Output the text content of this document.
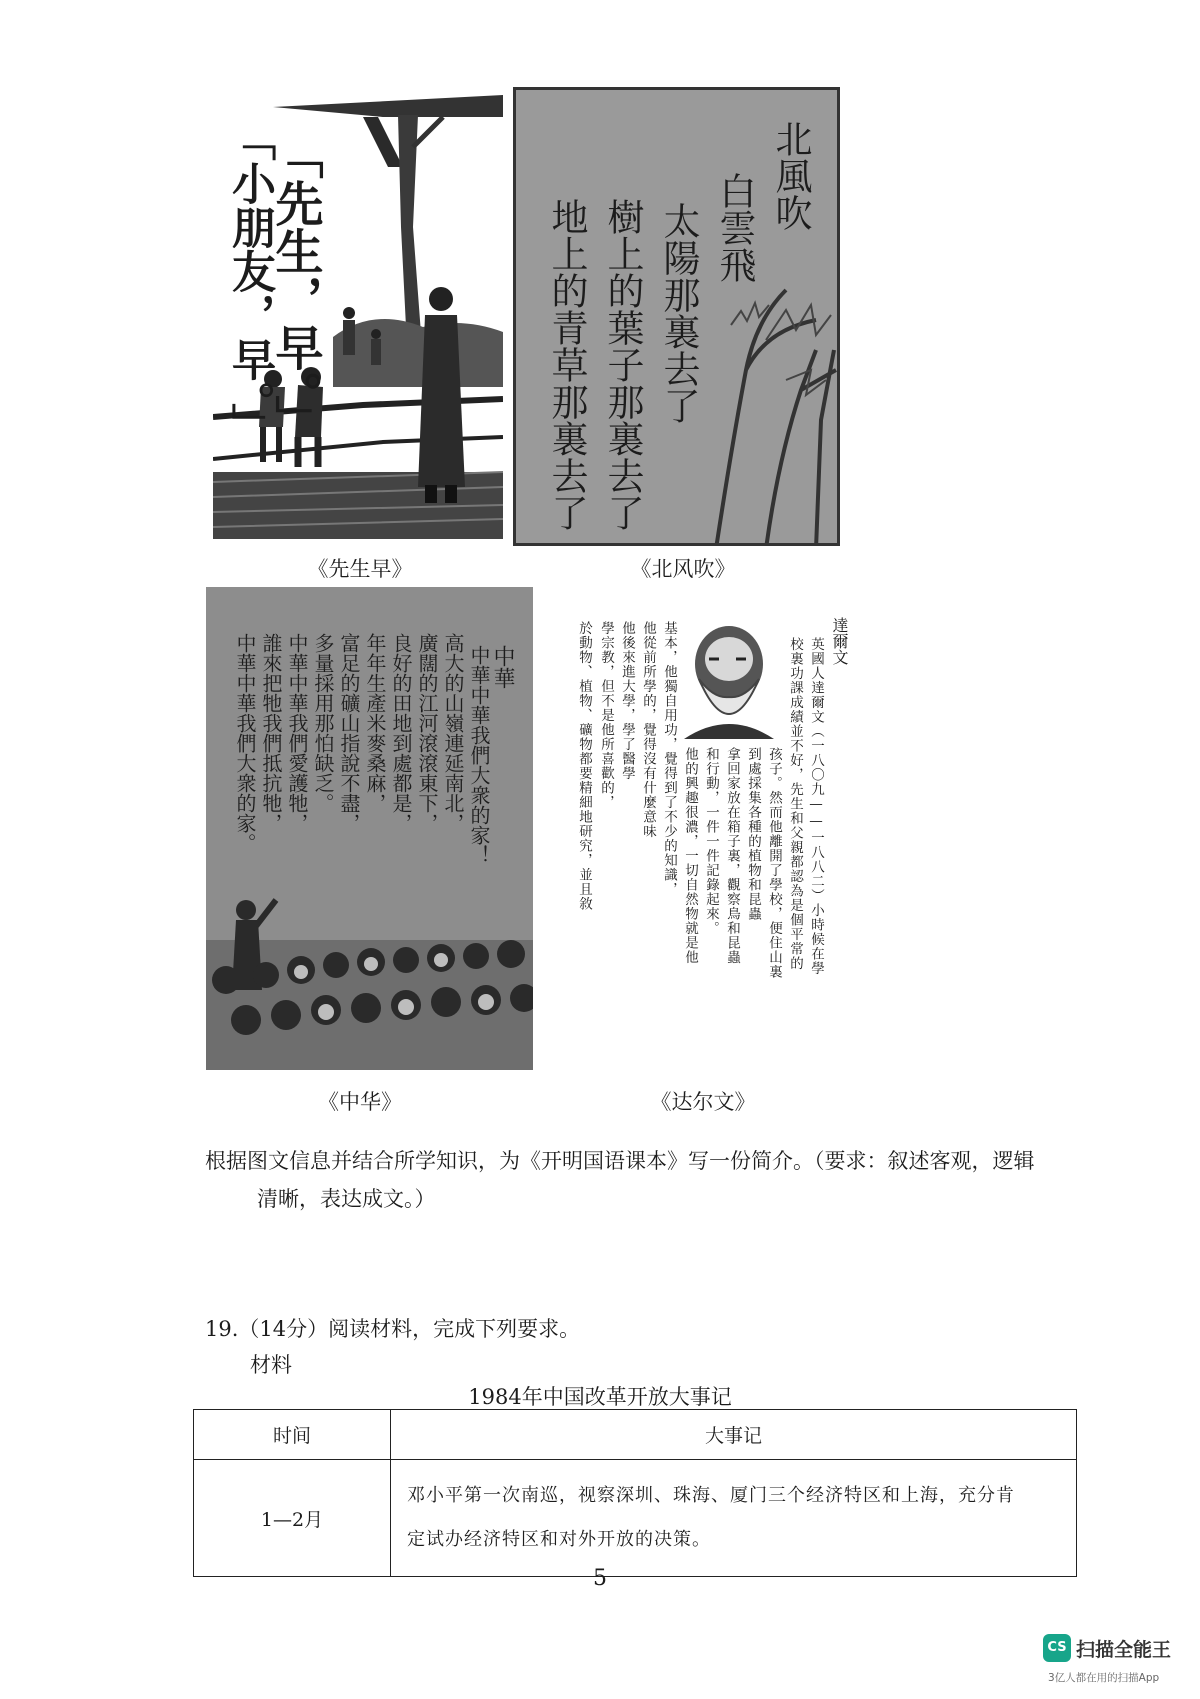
「先生，早。」
「小朋友，早。」
《先生早》
北風吹
白雲飛
太陽那裏去了
樹上的葉子那裏去了
地上的青草那裏去了
《北风吹》
中華
中華中華我們大衆的家！
高大的山嶺連延南北，
廣闊的江河滾滾東下，
良好的田地到處都是，
年年生產米麥桑麻，
富足的礦山指說不盡，
多量採用那怕缺乏。
中華中華我們愛護牠，
誰來把牠我們抵抗牠，
中華中華我們大衆的家。
《中华》
達爾文
英國人達爾文（一八〇九——一八八二）小時候在學
校裏功課成績並不好，先生和父親都認為是個平常的
孩子。然而他離開了學校，便住山裏
到處採集各種的植物和昆蟲
拿回家放在箱子裏，觀察鳥和昆蟲
和行動，一件一件記錄起來。
他的興趣很濃，一切自然物就是他
基本，他獨自用功，覺得到了不少的知識，
他從前所學的，覺得沒有什麼意味
他後來進大學，學了醫學
學宗教，但不是他所喜歡的，
於動物、植物、礦物都要精細地研究，並且敘
《达尔文》
根据图文信息并结合所学知识，为《开明国语课本》写一份简介。（要求：叙述客观，逻辑
清晰，表达成文。）
19.（14分）阅读材料，完成下列要求。
材料
1984年中国改革开放大事记
时间	大事记
1—2月	邓小平第一次南巡，视察深圳、珠海、厦门三个经济特区和上海，充分肯
定试办经济特区和对外开放的决策。
5
CS 扫描全能王
3亿人都在用的扫描App
